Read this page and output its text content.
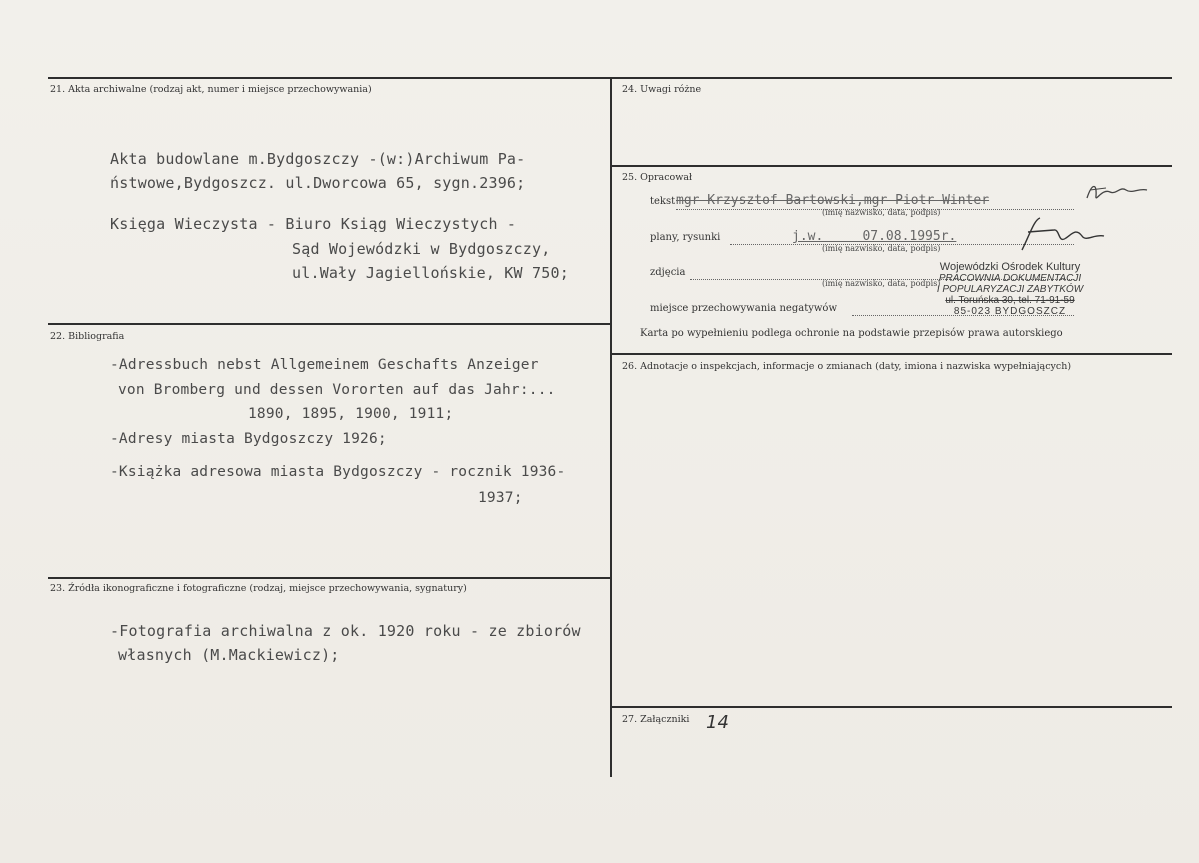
21. Akta archiwalne (rodzaj akt, numer i miejsce przechowywania)
Akta budowlane m.Bydgoszczy -(w:)Archiwum Pa-
ństwowe,Bydgoszcz. ul.Dworcowa 65, sygn.2396;
Księga Wieczysta - Biuro Ksiąg Wieczystych -
Sąd Wojewódzki w Bydgoszczy,
ul.Wały Jagiellońskie, KW 750;
22. Bibliografia
-Adressbuch nebst Allgemeinem Geschafts Anzeiger
von Bromberg und dessen Vororten auf das Jahr:...
1890, 1895, 1900, 1911;
-Adresy miasta Bydgoszczy 1926;
-Książka adresowa miasta Bydgoszczy - rocznik 1936-
1937;
23. Źródła ikonograficzne i fotograficzne (rodzaj, miejsce przechowywania, sygnatury)
-Fotografia archiwalna z ok. 1920 roku - ze zbiorów
własnych (M.Mackiewicz);
24. Uwagi różne
25. Opracował
tekst mgr Krzysztof Bartowski,mgr Piotr Winter
(imię nazwisko, data, podpis)
plany, rysunki	j.w.     07.08.1995r.
(imię nazwisko, data, podpis)
zdjęcia
(imię nazwisko, data, podpis)
miejsce przechowywania negatywów
Karta po wypełnieniu podlega ochronie na podstawie przepisów prawa autorskiego
Wojewódzki Ośrodek Kultury
PRACOWNIA DOKUMENTACJI
I POPULARYZACJI ZABYTKÓW
ul. Toruńska 30, tel. 71-91-59
85-023 BYDGOSZCZ
26. Adnotacje o inspekcjach, informacje o zmianach (daty, imiona i nazwiska wypełniających)
27. Załączniki 14
